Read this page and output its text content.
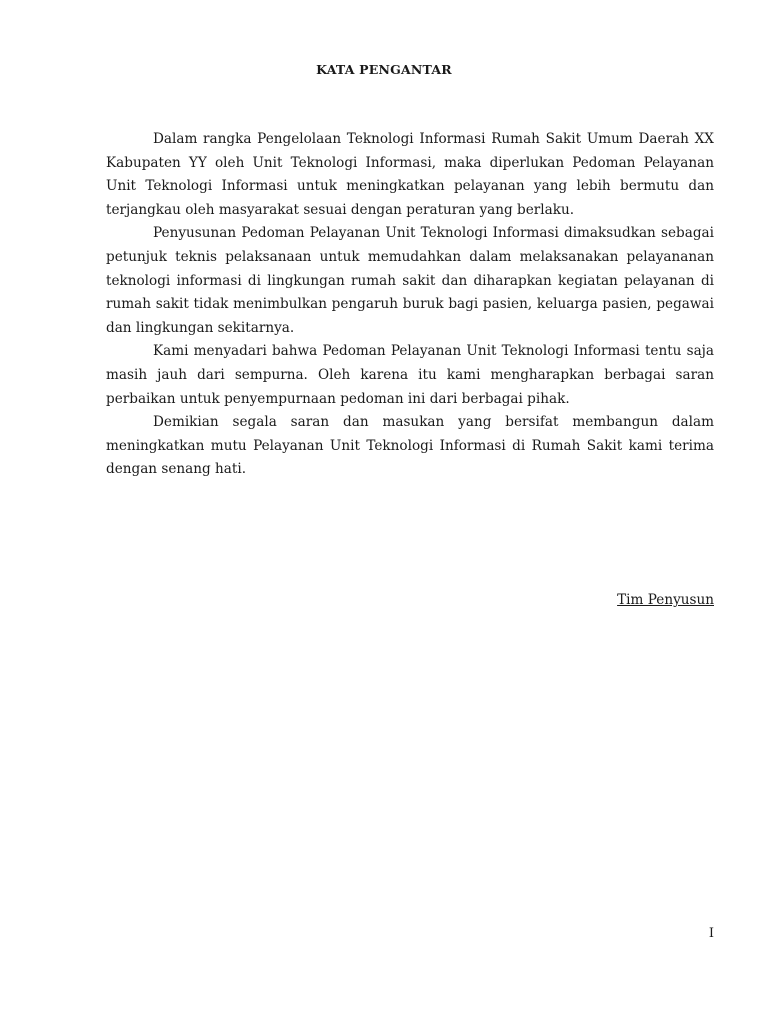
KATA PENGANTAR

Dalam rangka Pengelolaan Teknologi Informasi Rumah Sakit Umum Daerah XX Kabupaten YY oleh Unit Teknologi Informasi, maka diperlukan Pedoman Pelayanan Unit Teknologi Informasi untuk meningkatkan pelayanan yang lebih bermutu dan terjangkau oleh masyarakat sesuai dengan peraturan yang berlaku.

Penyusunan Pedoman Pelayanan Unit Teknologi Informasi dimaksudkan sebagai petunjuk teknis pelaksanaan untuk memudahkan dalam melaksanakan pelayananan teknologi informasi di lingkungan rumah sakit dan diharapkan kegiatan pelayanan di rumah sakit tidak menimbulkan pengaruh buruk bagi pasien, keluarga pasien, pegawai dan lingkungan sekitarnya.

Kami menyadari bahwa Pedoman Pelayanan Unit Teknologi Informasi tentu saja masih jauh dari sempurna. Oleh karena itu kami mengharapkan berbagai saran perbaikan untuk penyempurnaan pedoman ini dari berbagai pihak.

Demikian segala saran dan masukan yang bersifat membangun dalam meningkatkan mutu Pelayanan Unit Teknologi Informasi di Rumah Sakit kami terima dengan senang hati.

Tim Penyusun
I
